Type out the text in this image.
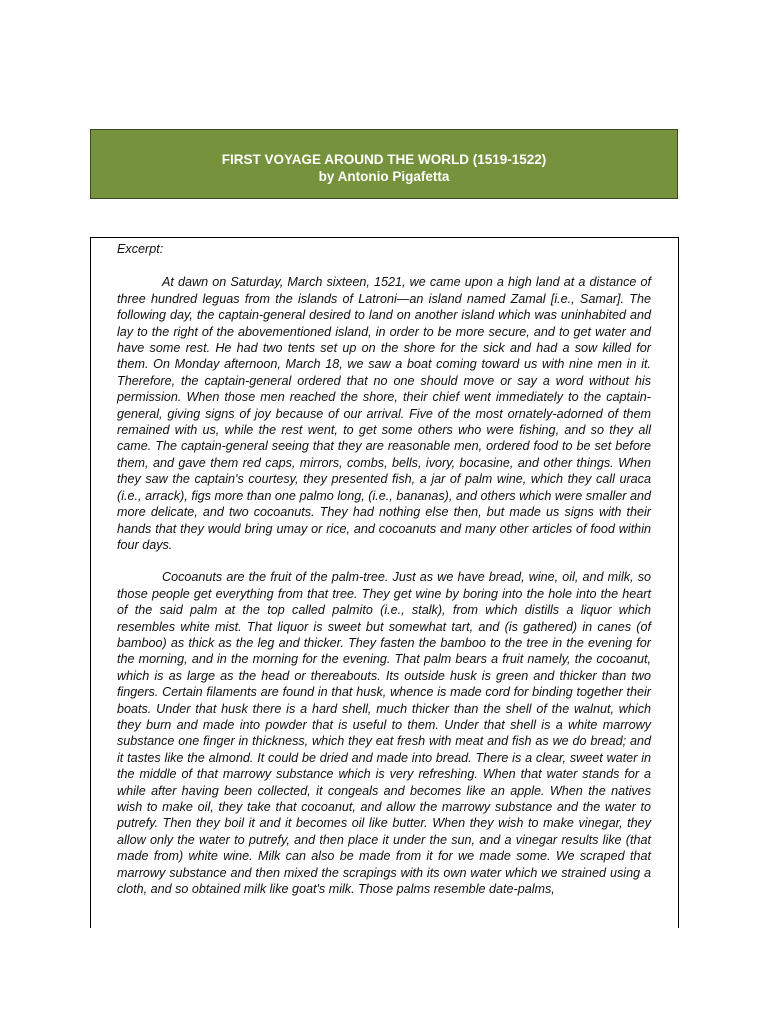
FIRST VOYAGE AROUND THE WORLD (1519-1522)
by Antonio Pigafetta
Excerpt:

At dawn on Saturday, March sixteen, 1521, we came upon a high land at a distance of three hundred leguas from the islands of Latroni—an island named Zamal [i.e., Samar]. The following day, the captain-general desired to land on another island which was uninhabited and lay to the right of the abovementioned island, in order to be more secure, and to get water and have some rest. He had two tents set up on the shore for the sick and had a sow killed for them. On Monday afternoon, March 18, we saw a boat coming toward us with nine men in it. Therefore, the captain-general ordered that no one should move or say a word without his permission. When those men reached the shore, their chief went immediately to the captain-general, giving signs of joy because of our arrival. Five of the most ornately-adorned of them remained with us, while the rest went, to get some others who were fishing, and so they all came. The captain-general seeing that they are reasonable men, ordered food to be set before them, and gave them red caps, mirrors, combs, bells, ivory, bocasine, and other things. When they saw the captain's courtesy, they presented fish, a jar of palm wine, which they call uraca (i.e., arrack), figs more than one palmo long, (i.e., bananas), and others which were smaller and more delicate, and two cocoanuts. They had nothing else then, but made us signs with their hands that they would bring umay or rice, and cocoanuts and many other articles of food within four days.

Cocoanuts are the fruit of the palm-tree. Just as we have bread, wine, oil, and milk, so those people get everything from that tree. They get wine by boring into the hole into the heart of the said palm at the top called palmito (i.e., stalk), from which distills a liquor which resembles white mist. That liquor is sweet but somewhat tart, and (is gathered) in canes (of bamboo) as thick as the leg and thicker. They fasten the bamboo to the tree in the evening for the morning, and in the morning for the evening. That palm bears a fruit namely, the cocoanut, which is as large as the head or thereabouts. Its outside husk is green and thicker than two fingers. Certain filaments are found in that husk, whence is made cord for binding together their boats. Under that husk there is a hard shell, much thicker than the shell of the walnut, which they burn and made into powder that is useful to them. Under that shell is a white marrowy substance one finger in thickness, which they eat fresh with meat and fish as we do bread; and it tastes like the almond. It could be dried and made into bread. There is a clear, sweet water in the middle of that marrowy substance which is very refreshing. When that water stands for a while after having been collected, it congeals and becomes like an apple. When the natives wish to make oil, they take that cocoanut, and allow the marrowy substance and the water to putrefy. Then they boil it and it becomes oil like butter. When they wish to make vinegar, they allow only the water to putrefy, and then place it under the sun, and a vinegar results like (that made from) white wine. Milk can also be made from it for we made some. We scraped that marrowy substance and then mixed the scrapings with its own water which we strained using a cloth, and so obtained milk like goat's milk. Those palms resemble date-palms,
